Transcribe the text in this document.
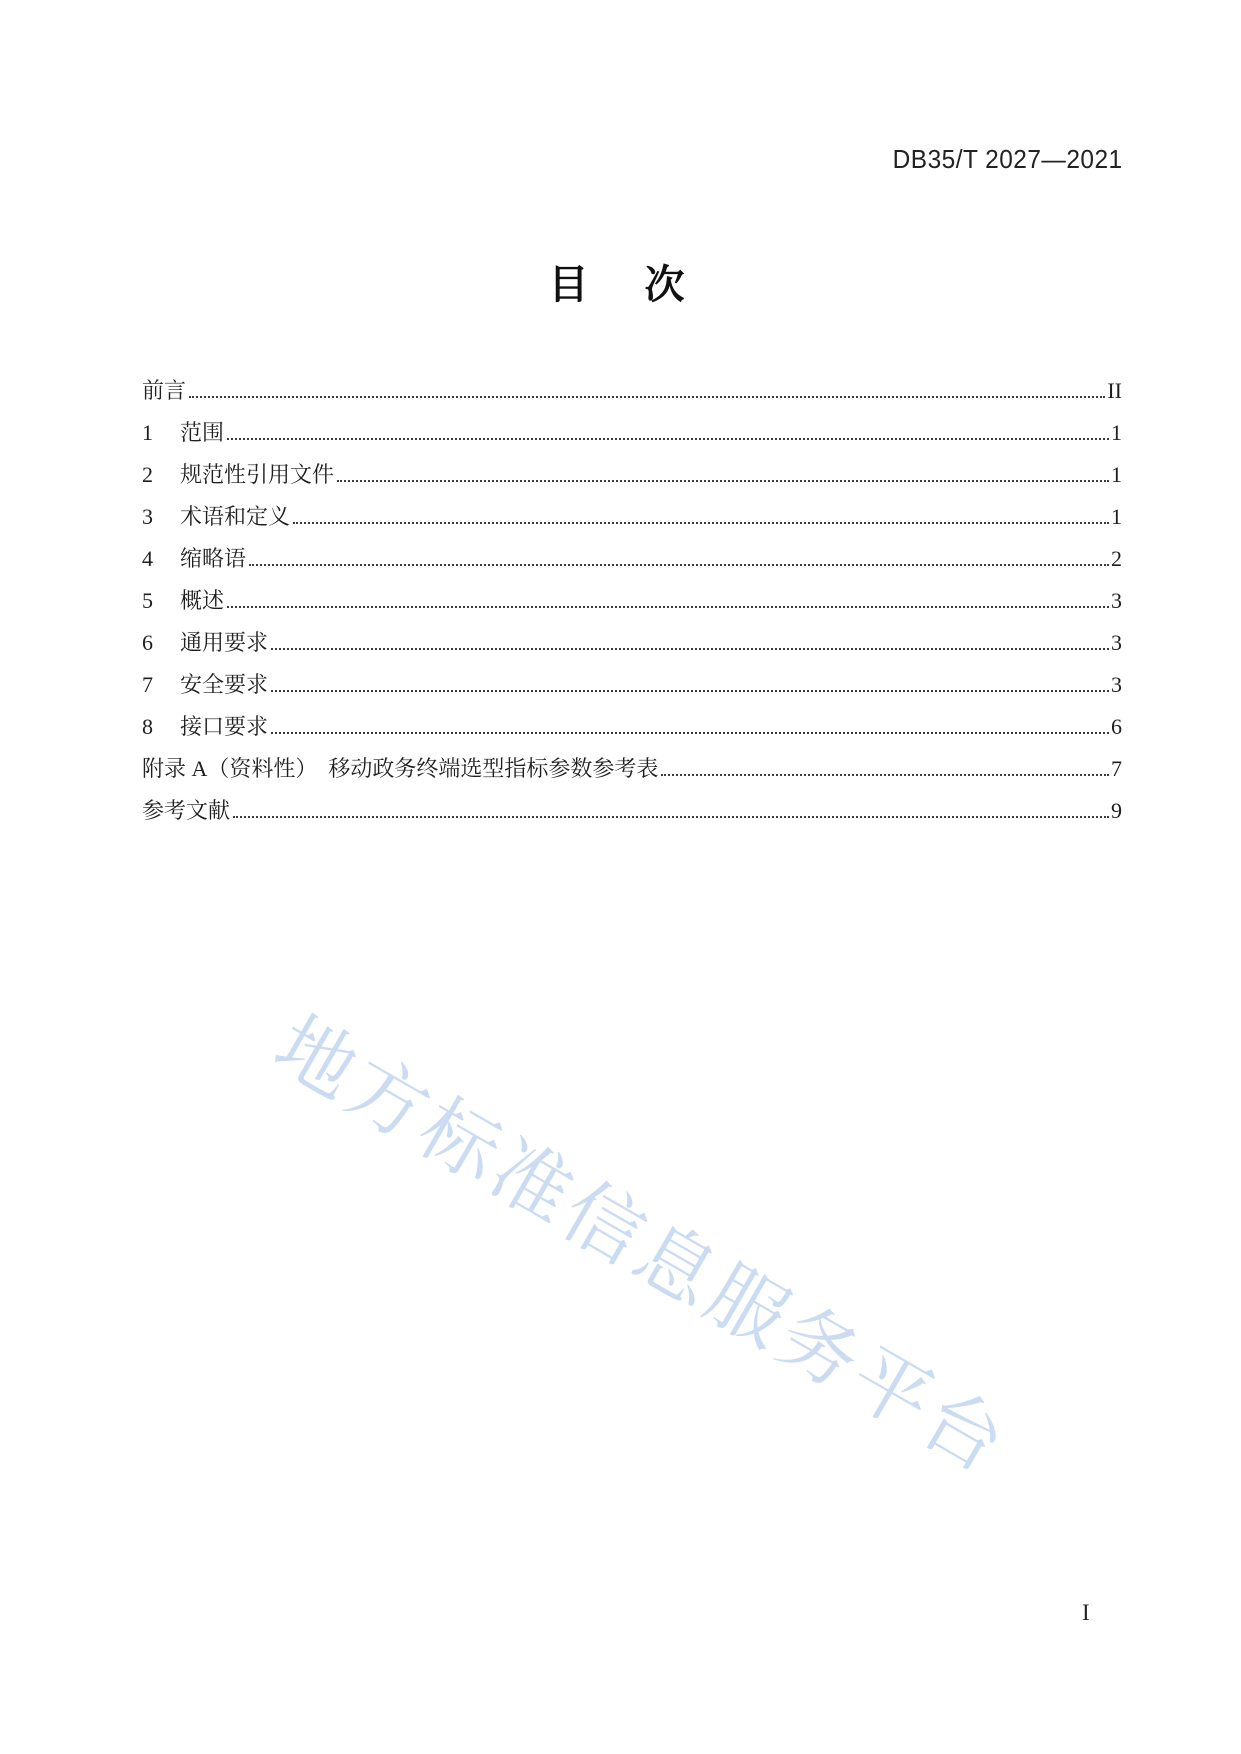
DB35/T 2027—2021
目　次
前言	II
1	范围	1
2	规范性引用文件	1
3	术语和定义	1
4	缩略语	2
5	概述	3
6	通用要求	3
7	安全要求	3
8	接口要求	6
附录 A（资料性）　移动政务终端选型指标参数参考表	7
参考文献	9
地方标准信息服务平台
I
